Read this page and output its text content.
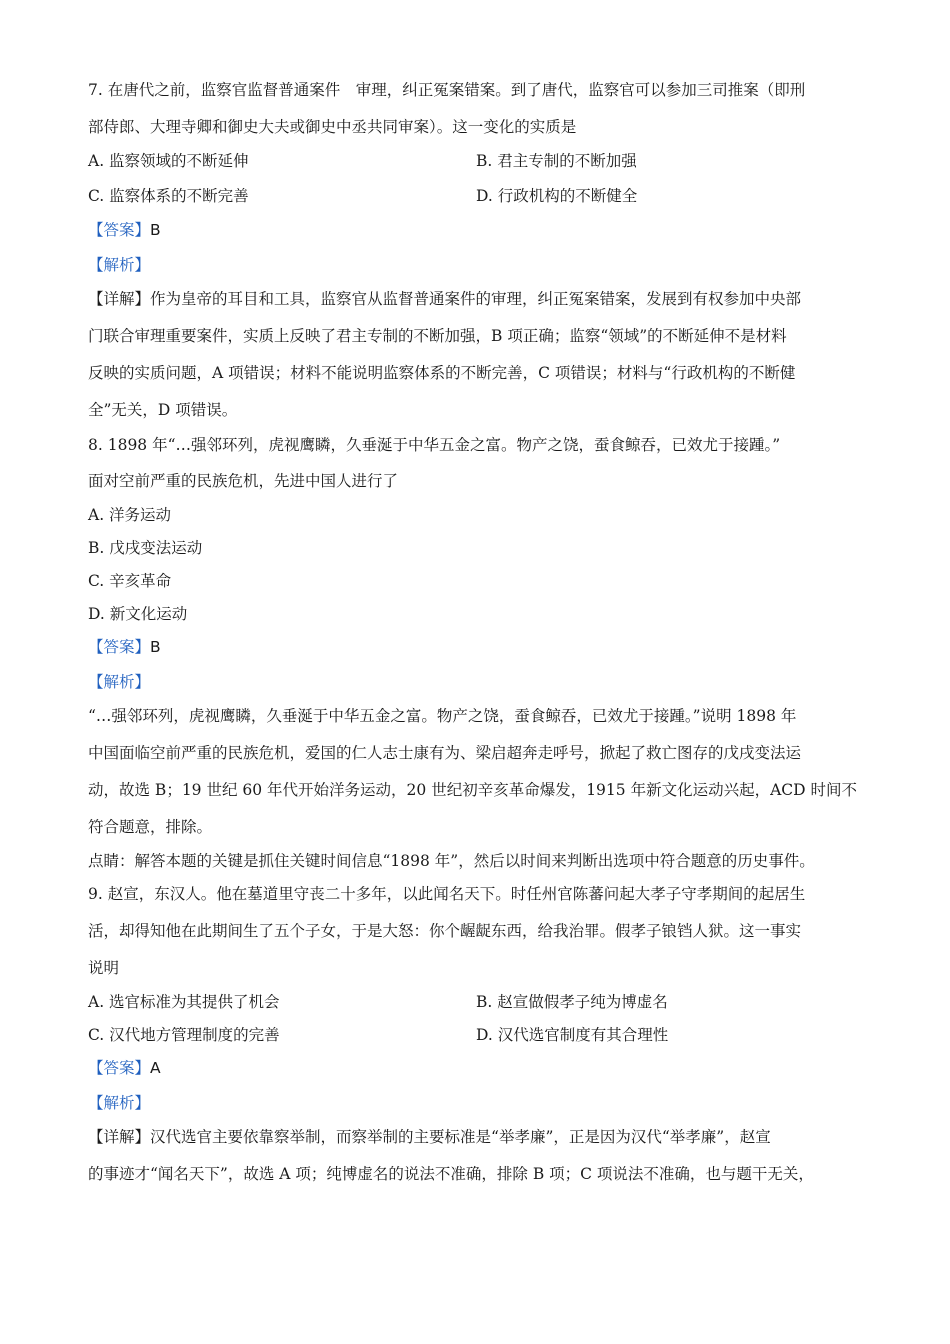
7. 在唐代之前，监察官监督普通案件　审理，纠正冤案错案。到了唐代，监察官可以参加三司推案（即刑
部侍郎、大理寺卿和御史大夫或御史中丞共同审案）。这一变化的实质是
A. 监察领域的不断延伸	B. 君主专制的不断加强
C. 监察体系的不断完善	D. 行政机构的不断健全
【答案】B
【解析】
【详解】作为皇帝的耳目和工具，监察官从监督普通案件的审理，纠正冤案错案，发展到有权参加中央部
门联合审理重要案件，实质上反映了君主专制的不断加强，B 项正确；监察“领域”的不断延伸不是材料
反映的实质问题，A 项错误；材料不能说明监察体系的不断完善，C 项错误；材料与“行政机构的不断健
全”无关，D 项错误。
8. 1898 年“…强邻环列，虎视鹰瞵，久垂涎于中华五金之富。物产之饶，蚕食鲸吞，已效尤于接踵。”
面对空前严重的民族危机，先进中国人进行了
A. 洋务运动
B. 戊戌变法运动
C. 辛亥革命
D. 新文化运动
【答案】B
【解析】
“…强邻环列，虎视鹰瞵，久垂涎于中华五金之富。物产之饶，蚕食鲸吞，已效尤于接踵。”说明 1898 年
中国面临空前严重的民族危机，爱国的仁人志士康有为、梁启超奔走呼号，掀起了救亡图存的戊戌变法运
动，故选 B；19 世纪 60 年代开始洋务运动，20 世纪初辛亥革命爆发，1915 年新文化运动兴起，ACD 时间不
符合题意，排除。
点睛：解答本题的关键是抓住关键时间信息“1898 年”，然后以时间来判断出选项中符合题意的历史事件。
9. 赵宣，东汉人。他在墓道里守丧二十多年，以此闻名天下。时任州官陈蕃问起大孝子守孝期间的起居生
活，却得知他在此期间生了五个子女，于是大怒：你个龌龊东西，给我治罪。假孝子锒铛人狱。这一事实
说明
A. 选官标准为其提供了机会	B. 赵宣做假孝子纯为博虚名
C. 汉代地方管理制度的完善	D. 汉代选官制度有其合理性
【答案】A
【解析】
【详解】汉代选官主要依靠察举制，而察举制的主要标准是“举孝廉”，正是因为汉代“举孝廉”，赵宣
的事迹才“闻名天下”，故选 A 项；纯博虚名的说法不准确，排除 B 项；C 项说法不准确，也与题干无关，
